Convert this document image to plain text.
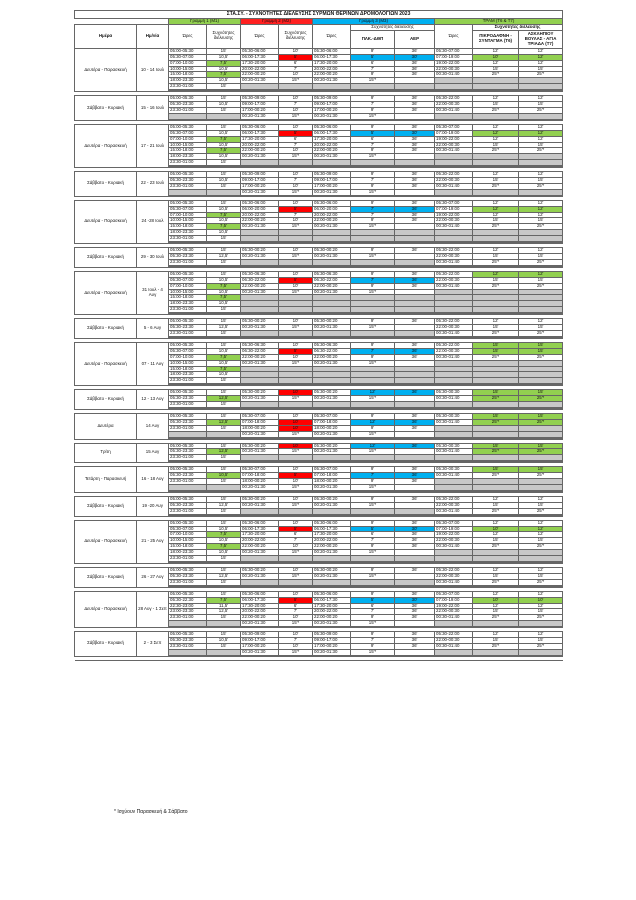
ΣΤΑ.ΣΥ. - ΣΥΧΝΟΤΗΤΕΣ ΔΙΕΛΕΥΣΗΣ ΣΥΡΜΩΝ ΘΕΡΙΝΩΝ ΔΡΟΜΟΛΟΓΙΩΝ 2023											
		Γραμμή 1 (M1)		Γραμμή 2 (M2)		Γραμμή 3 (M3)			ΤΡΑΜ (Τ6 & Τ7)		
Ημέρα	Ημ/νία	Ώρες	Συχνότητες διέλευσης	Ώρες	Συχνότητες διέλευσης	Ώρες	Συχνότητες διέλευσης		Ώρες	Συχνότητες διέλευσης	
							ΠΛΚ.-ΔΘΠ	ΑΕΡ		ΠΙΚΡΟΔΑΦΝΗ - ΣΥΝΤΑΓΜΑ (Τ6)	ΑΣΚΛΗΠΙΟΥ ΒΟΥΛΑΣ - ΑΓΙΑ ΤΡΙΑΔΑ (Τ7)
Δευτέρα - Παρασκευή	10 - 14 Ιουλ	05:00-05:30	15'	05:30-06:00	10'	05:30-06:00	9'	36'	05:30-07:00	12'	12'
		05:30-07:00	10,5'	06:00-17:30	5'	06:00-17:30	5'	30'	07:00-19:00	10'	12'
		07:00-10:00	7,5'	17:30-20:00	6'	17:30-20:00	6'	36'	19:00-22:00	12'	12'
		10:00-15:00	10,5'	20:00-22:00	7'	20:00-22:00	7'	36'	22:00-00:30	15'	15'
		15:00-18:00	7,5'	22:00-00:20	10'	22:00-00:20	9'	36'	00:30-01:40	25'*	25'*
		18:00-23:30	10,5'	00:20-01:30	15'*	00:20-01:30	15'*				
		23:30-01:00	15'								

Σάββατο - Κυριακή	15 - 16 Ιουλ	05:00-05:30	15'	05:30-09:00	10'	05:30-09:00	9'	36'	05:30-22:00	12'	12'
		05:30-23:30	10,5'	09:00-17:00	7'	09:00-17:00	7'	36'	22:00-00:30	15'	15'
		23:30-01:00	15'	17:00-00:20	10'	17:00-00:20	9'	36'	00:30-01:40	25'*	25'*
				00:20-01:30	15'*	00:20-01:30	15'*				

Δευτέρα - Παρασκευή	17 - 21 Ιουλ	05:00-05:30	15'	05:30-06:00	10'	05:30-06:00	9'	36'	05:30-07:00	12'	12'
		05:30-07:00	10,5'	06:00-17:30	5'	06:00-17:30	5'	30'	07:00-19:00	12'	12'
		07:00-10:00	7,5'	17:30-20:00	6'	17:30-20:00	6'	36'	19:00-22:00	12'	12'
		10:00-15:00	10,5'	20:00-22:00	7'	20:00-22:00	7'	36'	22:00-00:30	15'	15'
		15:00-18:00	7,5'	22:00-00:20	10'	22:00-00:20	9'	36'	00:30-01:40	25'*	25'*
		18:00-23:30	10,5'	00:20-01:30	15'*	00:20-01:30	15'*				
		23:30-01:00	15'								

Σάββατο - Κυριακή	22 - 23 Ιουλ	05:00-05:30	15'	05:30-09:00	10'	05:30-09:00	9'	36'	05:30-22:00	12'	12'
		05:30-23:30	10,5'	09:00-17:00	7'	09:00-17:00	7'	36'	22:00-00:30	15'	15'
		23:30-01:00	15'	17:00-00:20	10'	17:00-00:20	9'	36'	00:30-01:40	25'*	25'*
				00:20-01:30	15'*	00:20-01:30	15'*				

Δευτέρα - Παρασκευή	24 -28 Ιουλ	05:00-05:30	15'	05:30-06:00	10'	05:30-06:00	9'	36'	05:30-07:00	12'	12'
		05:30-07:00	10,5'	06:00-20:00	5'	06:00-20:00	7'	36'	07:00-19:00	12'	12'
		07:00-10:00	7,5'	20:00-22:00	7'	20:00-22:00	7'	36'	19:00-22:00	12'	12'
		10:00-15:00	10,5'	22:00-00:20	10'	22:00-00:20	9'	36'	22:00-00:30	15'	15'
		15:00-18:00	7,5'	00:20-01:30	15'*	00:20-01:30	15'*		00:30-01:40	25'*	25'*
		18:00-23:30	10,5'								
		23:30-01:00	15'								

Σάββατο - Κυριακή	29 - 30 Ιουλ	05:00-05:30	15'	05:30-00:20	10'	05:30-00:20	9'	36'	05:30-22:00	12'	12'
		05:30-23:30	12,5'	00:20-01:30	15'*	00:20-01:30	15'*		22:00-00:30	15'	15'
		23:30-01:00	15'						00:30-01:40	25'*	25'*

Δευτέρα - Παρασκευή	31 Ιουλ - 4 Αυγ	05:00-05:30	15'	05:30-06:30	10'	05:30-06:30	9'	36'	05:30-22:00	12'	12'
		05:30-07:00	10,5'	06:30-22:00	5'	06:30-22:00	7'	36'	22:00-00:30	15'	15'
		07:00-10:00	7,5'	22:00-00:20	10'	22:00-00:20	9'	36'	00:30-01:40	25'*	25'*
		10:00-15:00	10,5'	00:20-01:30	15'*	00:20-01:30	15'*				
		15:00-18:00	7,5'								
		18:00-23:30	10,5'								
		23:30-01:00	15'								

Σάββατο - Κυριακή	5 - 6 Αυγ	05:00-05:30	15'	05:30-00:20	10'	05:30-00:20	9'	36'	05:30-22:00	12'	12'
		05:30-23:30	12,5'	00:20-01:30	15'*	00:20-01:30	15'*		22:00-00:30	15'	15'
		23:30-01:00	15'						00:30-01:40	25'*	25'*

Δευτέρα - Παρασκευή	07 - 11 Αυγ	05:00-05:30	15'	05:30-06:30	10'	05:30-06:30	9'	36'	05:30-22:00	15'	15'
		05:30-07:00	10,5'	06:30-22:00	5'	06:30-22:00	7'	36'	22:00-00:30	15'	15'
		07:00-10:00	7,5'	22:00-00:20	10'	22:00-00:20	9'	36'	00:30-01:40	25'*	25'*
		10:00-15:00	10,5'	00:20-01:30	15'*	00:20-01:30	15'*				
		15:00-18:00	7,5'								
		18:00-23:30	10,5'								
		23:30-01:00	15'								

Σάββατο - Κυριακή	12 - 13 Αυγ	05:00-05:30	15'	05:30-00:20	10'	05:30-00:20	12'	36'	05:30-00:30	15'	15'
		05:30-23:30	12,5'	00:20-01:30	15'*	00:20-01:30	15'*		00:30-01:40	25'*	25'*
		23:30-01:00	15'								

Δευτέρα	14 Αυγ	05:00-05:30	15'	05:30-07:00	10'	05:30-07:00	9'	36'	05:30-00:30	15'	15'
		05:30-23:30	12,5'	07:00-18:00	10'	07:00-18:00	12'	36'	00:30-01:40	25'*	25'*
		23:30-01:00	15'	18:00-00:20	10'	18:00-00:20	9'	36'			
				00:20-01:30	15'*	00:20-01:30	15'*				

Τρίτη	15 Αυγ	05:00-05:30	15'	05:30-00:20	10'	05:30-00:20	12'	36'	05:30-00:30	15'	15'
		05:30-23:30	12,5'	00:20-01:30	15'*	00:20-01:30	15'*		00:30-01:40	25'*	25'*
		23:30-01:00	15'								

Τετάρτη - Παρασκευή	16 - 18 Αυγ	05:00-05:30	15'	05:30-07:00	10'	05:30-07:00	9'	36'	05:30-00:30	15'	15'
		05:30-23:30	10,5'	07:00-18:00	5'	07:00-18:00	7'	36'	00:30-01:40	25'*	25'*
		23:30-01:00	15'	18:00-00:20	10'	18:00-00:20	9'	36'			
				00:20-01:30	15'*	00:20-01:30	15'*				

Σάββατο - Κυριακή	19 -20 Αυγ	05:00-05:30	15'	05:30-00:20	10'	05:30-00:20	9'	36'	05:30-22:00	12'	12'
		05:30-23:30	12,5'	00:20-01:30	15'*	00:20-01:30	15'*		22:00-00:30	15'	15'
		23:30-01:00	15'						00:30-01:40	25'*	25'*

Δευτέρα - Παρασκευή	21 - 25 Αυγ	05:00-05:30	15'	05:30-06:00	10'	05:30-06:00	9'	36'	05:30-07:00	12'	12'
		05:30-07:00	10,5'	06:00-17:30	5'	06:00-17:30	5'	30'	07:00-19:00	10'	12'
		07:00-10:00	7,5'	17:30-20:00	6'	17:30-20:00	6'	36'	19:00-22:00	12'	12'
		10:00-15:00	10,5'	20:00-22:00	7'	20:00-22:00	7'	36'	22:00-00:30	15'	15'
		15:00-18:00	7,5'	22:00-00:20	10'	22:00-00:20	9'	36'	00:30-01:40	25'*	25'*
		18:00-23:30	10,5'	00:20-01:30	15'*	00:20-01:30	15'*				
		23:30-01:00	15'								

Σάββατο - Κυριακή	26 - 27 Αυγ	05:00-05:30	15'	05:30-00:20	10'	05:30-00:20	9'	36'	05:30-22:00	12'	12'
		05:30-23:30	12,5'	00:20-01:30	15'*	00:20-01:30	15'*		22:00-00:30	15'	15'
		23:30-01:00	15'						00:30-01:40	25'*	25'*

Δευτέρα - Παρασκευή	28 Αυγ - 1 Σεπ	05:00-05:30	15'	05:30-06:00	10'	05:30-06:00	9'	36'	05:30-07:00	12'	12'
		05:30-22:30	7,5'	06:00-17:30	5'	06:00-17:30	5'	30'	07:00-19:00	10'	10'
		22:30-23:00	11,5'	17:30-20:00	6'	17:30-20:00	6'	36'	19:00-22:00	12'	12'
		23:00-23:30	12,5'	20:00-22:00	7'	20:00-22:00	7'	36'	22:00-00:30	15'	15'
		23:30-01:00	15'	22:00-00:20	10'	22:00-00:20	9'	36'	00:30-01:40	25'*	25'*
				00:20-01:30	15'*	00:20-01:30	15'*				

Σάββατο - Κυριακή	2 - 3 Σεπ	05:00-05:30	15'	05:30-09:00	10'	05:30-09:00	9'	36'	05:30-22:00	12'	12'
		05:30-23:30	10,5'	09:00-17:00	7'	09:00-17:00	7'	36'	22:00-00:30	15'	15'
		23:30-01:00	15'	17:00-00:20	10'	17:00-00:20	9'	36'	00:30-01:40	25'*	25'*
				00:20-01:30	15'*	00:20-01:30	15'*				

* Ισχύουν Παρασκευή & Σάββατο
